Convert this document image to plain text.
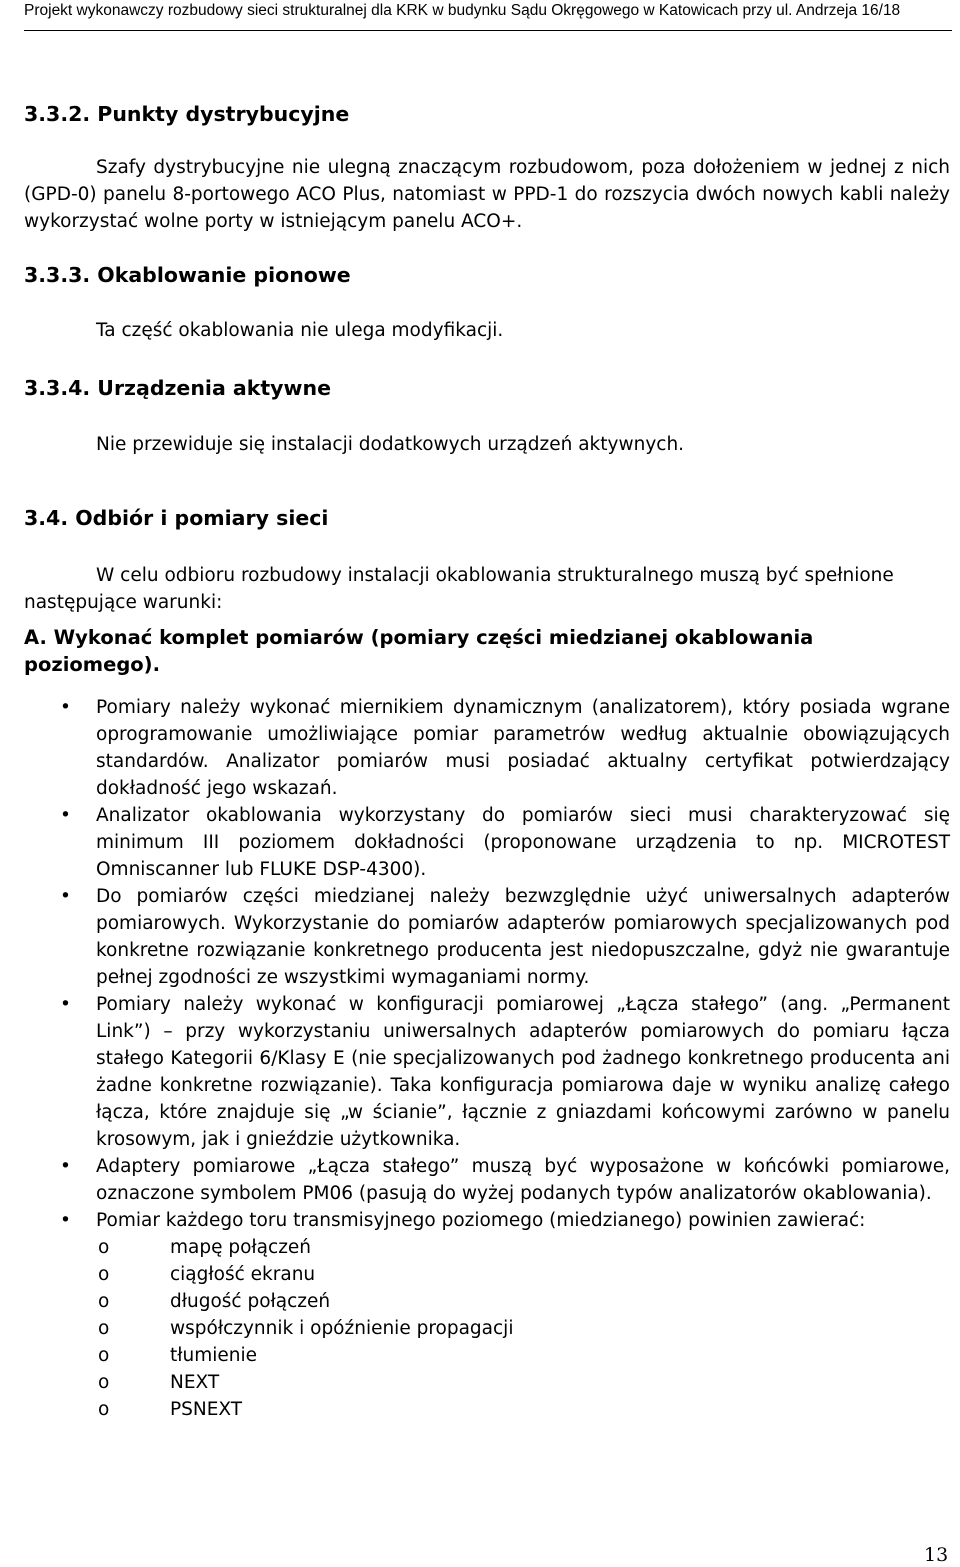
Projekt wykonawczy rozbudowy sieci strukturalnej dla KRK w budynku Sądu Okręgowego w Katowicach przy ul. Andrzeja 16/18
3.3.2. Punkty dystrybucyjne

Szafy dystrybucyjne nie ulegną znaczącym rozbudowom, poza dołożeniem w jednej z nich (GPD-0) panelu 8-portowego ACO Plus, natomiast w PPD-1 do rozszycia dwóch nowych kabli należy wykorzystać wolne porty w istniejącym panelu ACO+.

3.3.3. Okablowanie pionowe

Ta część okablowania nie ulega modyfikacji.

3.3.4. Urządzenia aktywne

Nie przewiduje się instalacji dodatkowych urządzeń aktywnych.

3.4. Odbiór i pomiary sieci

W celu odbioru rozbudowy instalacji okablowania strukturalnego muszą być spełnione następujące warunki:

A. Wykonać komplet pomiarów (pomiary części miedzianej okablowania poziomego).

• Pomiary należy wykonać miernikiem dynamicznym (analizatorem), który posiada wgrane oprogramowanie umożliwiające pomiar parametrów według aktualnie obowiązujących standardów. Analizator pomiarów musi posiadać aktualny certyfikat potwierdzający dokładność jego wskazań.
• Analizator okablowania wykorzystany do pomiarów sieci musi charakteryzować się minimum III poziomem dokładności (proponowane urządzenia to np. MICROTEST Omniscanner lub FLUKE DSP-4300).
• Do pomiarów części miedzianej należy bezwzględnie użyć uniwersalnych adapterów pomiarowych. Wykorzystanie do pomiarów adapterów pomiarowych specjalizowanych pod konkretne rozwiązanie konkretnego producenta jest niedopuszczalne, gdyż nie gwarantuje pełnej zgodności ze wszystkimi wymaganiami normy.
• Pomiary należy wykonać w konfiguracji pomiarowej „Łącza stałego” (ang. „Permanent Link”) – przy wykorzystaniu uniwersalnych adapterów pomiarowych do pomiaru łącza stałego Kategorii 6/Klasy E (nie specjalizowanych pod żadnego konkretnego producenta ani żadne konkretne rozwiązanie). Taka konfiguracja pomiarowa daje w wyniku analizę całego łącza, które znajduje się „w ścianie”, łącznie z gniazdami końcowymi zarówno w panelu krosowym, jak i gnieździe użytkownika.
• Adaptery pomiarowe „Łącza stałego” muszą być wyposażone w końcówki pomiarowe, oznaczone symbolem PM06 (pasują do wyżej podanych typów analizatorów okablowania).
• Pomiar każdego toru transmisyjnego poziomego (miedzianego) powinien zawierać:
o	mapę połączeń
o	ciągłość ekranu
o	długość połączeń
o	współczynnik i opóźnienie propagacji
o	tłumienie
o	NEXT
o	PSNEXT
13
